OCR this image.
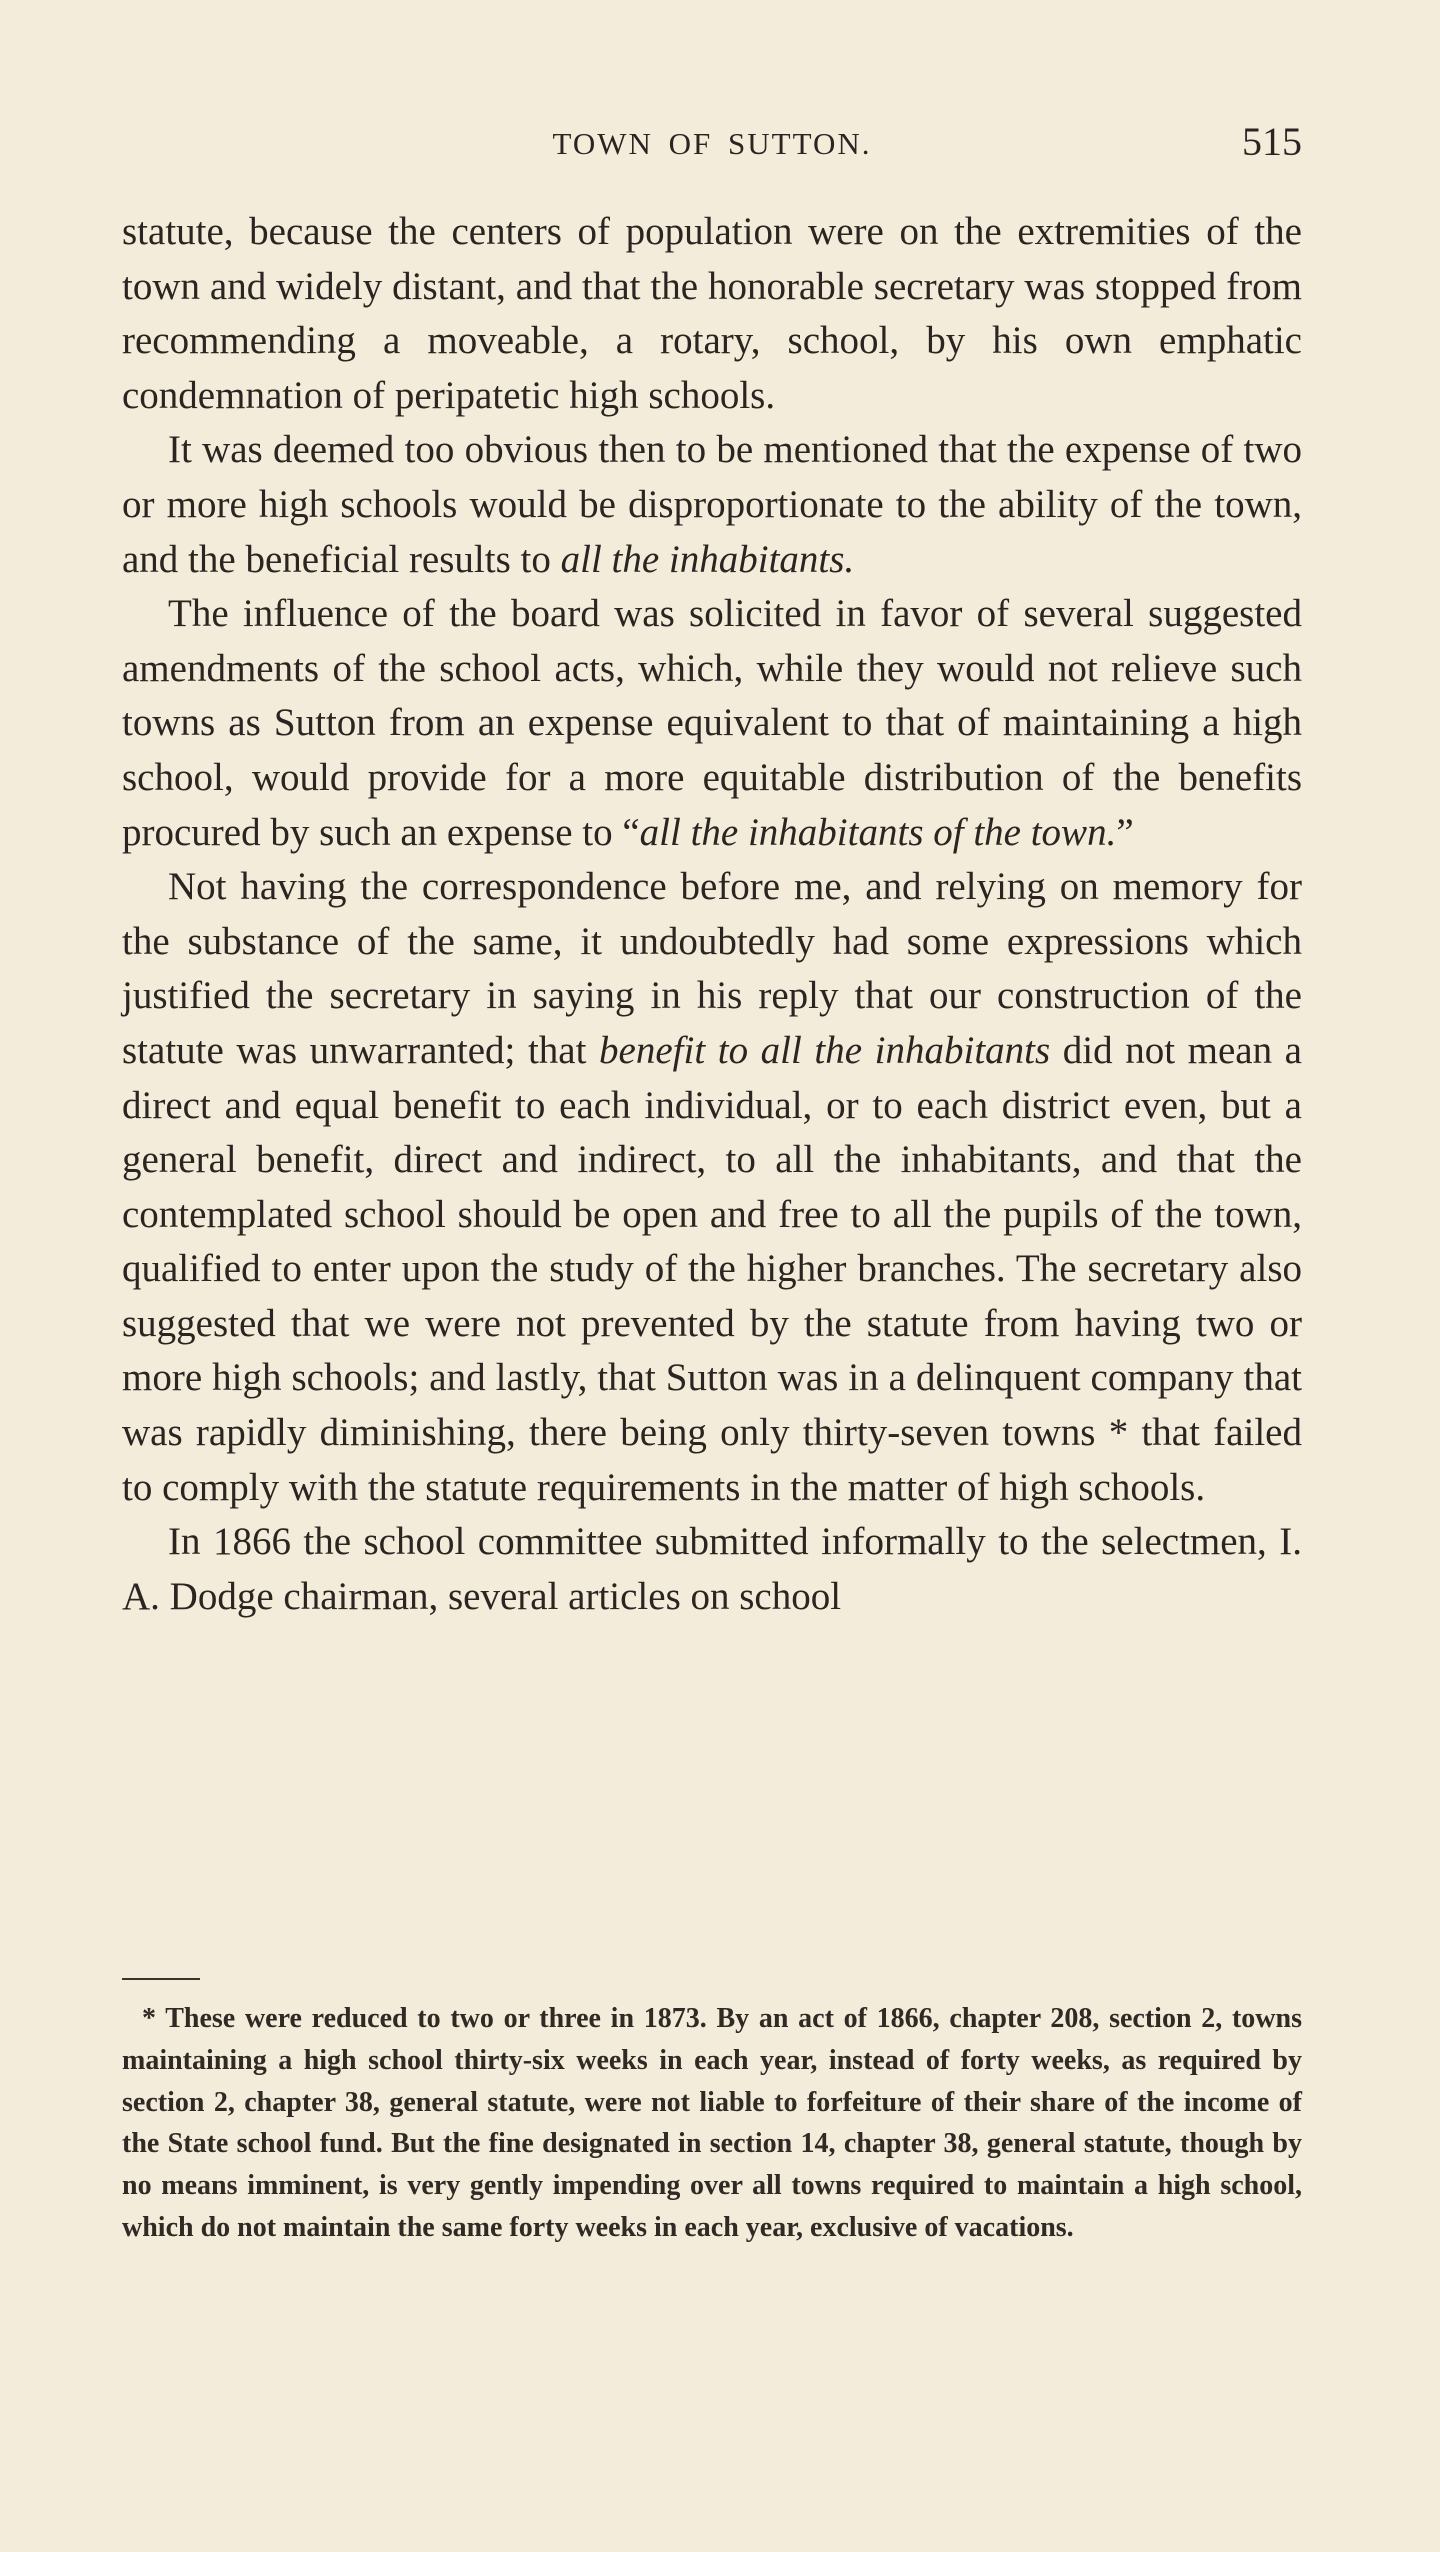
TOWN OF SUTTON.	515

statute, because the centers of population were on the extremities of the town and widely distant, and that the honorable secretary was stopped from recommending a moveable, a rotary, school, by his own emphatic condemnation of peripatetic high schools.

It was deemed too obvious then to be mentioned that the expense of two or more high schools would be disproportionate to the ability of the town, and the beneficial results to all the inhabitants.

The influence of the board was solicited in favor of several suggested amendments of the school acts, which, while they would not relieve such towns as Sutton from an expense equivalent to that of maintaining a high school, would provide for a more equitable distribution of the benefits procured by such an expense to “all the inhabitants of the town.”

Not having the correspondence before me, and relying on memory for the substance of the same, it undoubtedly had some expressions which justified the secretary in saying in his reply that our construction of the statute was unwarranted; that benefit to all the inhabitants did not mean a direct and equal benefit to each individual, or to each district even, but a general benefit, direct and indirect, to all the inhabitants, and that the contemplated school should be open and free to all the pupils of the town, qualified to enter upon the study of the higher branches. The secretary also suggested that we were not prevented by the statute from having two or more high schools; and lastly, that Sutton was in a delinquent company that was rapidly diminishing, there being only thirty-seven towns * that failed to comply with the statute requirements in the matter of high schools.

In 1866 the school committee submitted informally to the selectmen, I. A. Dodge chairman, several articles on school

* These were reduced to two or three in 1873. By an act of 1866, chapter 208, section 2, towns maintaining a high school thirty-six weeks in each year, instead of forty weeks, as required by section 2, chapter 38, general statute, were not liable to forfeiture of their share of the income of the State school fund. But the fine designated in section 14, chapter 38, general statute, though by no means imminent, is very gently impending over all towns required to maintain a high school, which do not maintain the same forty weeks in each year, exclusive of vacations.
